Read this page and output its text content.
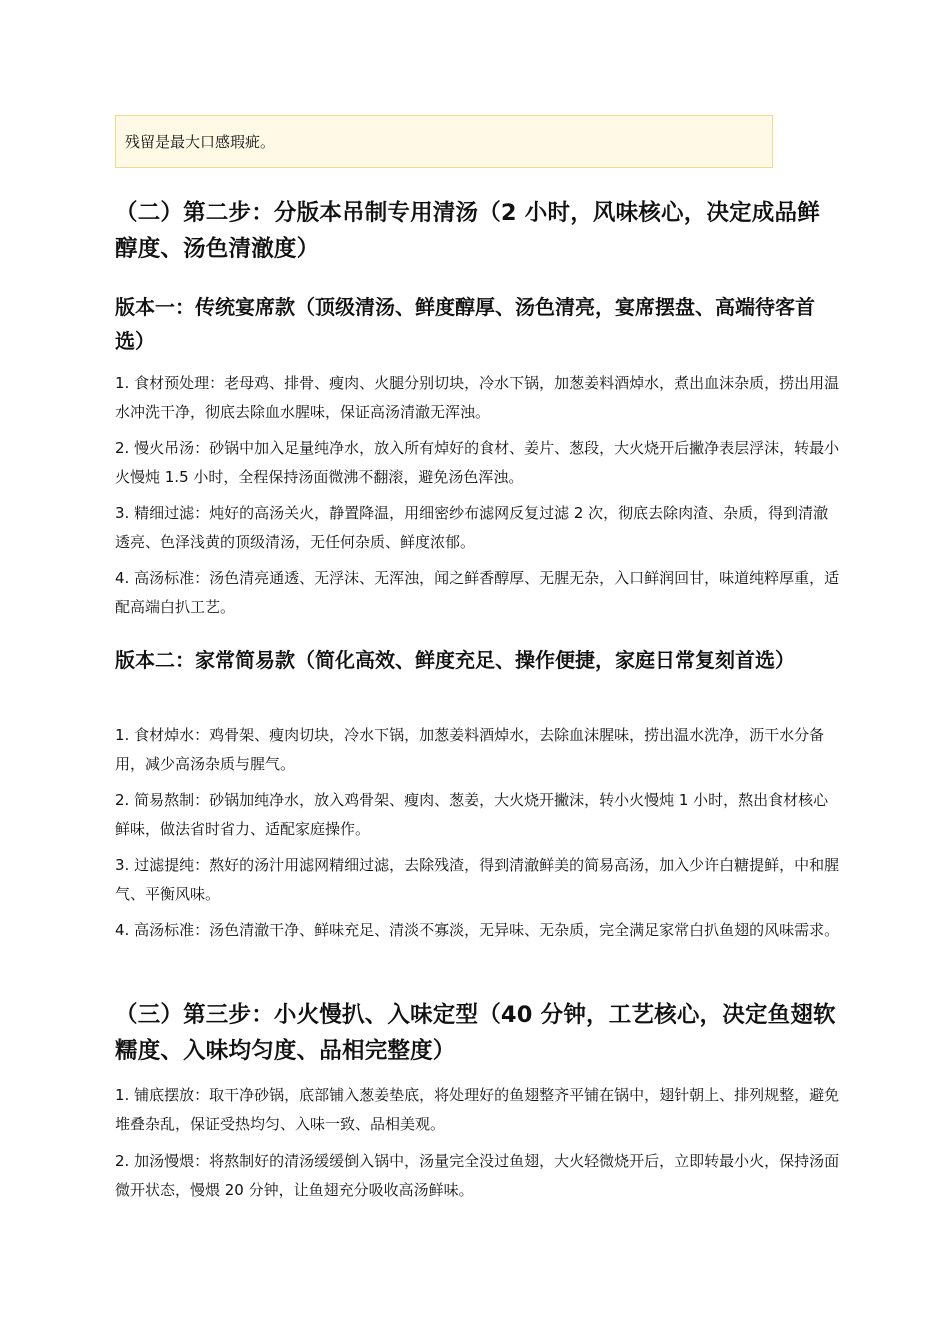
残留是最大口感瑕疵。
（二）第二步：分版本吊制专用清汤（2 小时，风味核心，决定成品鲜醇度、汤色清澈度）
版本一：传统宴席款（顶级清汤、鲜度醇厚、汤色清亮，宴席摆盘、高端待客首选）

1. 食材预处理：老母鸡、排骨、瘦肉、火腿分别切块，冷水下锅，加葱姜料酒焯水，煮出血沫杂质，捞出用温水冲洗干净，彻底去除血水腥味，保证高汤清澈无浑浊。

2. 慢火吊汤：砂锅中加入足量纯净水，放入所有焯好的食材、姜片、葱段，大火烧开后撇净表层浮沫，转最小火慢炖 1.5 小时，全程保持汤面微沸不翻滚，避免汤色浑浊。

3. 精细过滤：炖好的高汤关火，静置降温，用细密纱布滤网反复过滤 2 次，彻底去除肉渣、杂质，得到清澈透亮、色泽浅黄的顶级清汤，无任何杂质、鲜度浓郁。

4. 高汤标准：汤色清亮通透、无浮沫、无浑浊，闻之鲜香醇厚、无腥无杂，入口鲜润回甘，味道纯粹厚重，适配高端白扒工艺。

版本二：家常简易款（简化高效、鲜度充足、操作便捷，家庭日常复刻首选）

1. 食材焯水：鸡骨架、瘦肉切块，冷水下锅，加葱姜料酒焯水，去除血沫腥味，捞出温水洗净，沥干水分备用，减少高汤杂质与腥气。

2. 简易熬制：砂锅加纯净水，放入鸡骨架、瘦肉、葱姜，大火烧开撇沫，转小火慢炖 1 小时，熬出食材核心鲜味，做法省时省力、适配家庭操作。

3. 过滤提纯：熬好的汤汁用滤网精细过滤，去除残渣，得到清澈鲜美的简易高汤，加入少许白糖提鲜，中和腥气、平衡风味。

4. 高汤标准：汤色清澈干净、鲜味充足、清淡不寡淡，无异味、无杂质，完全满足家常白扒鱼翅的风味需求。

（三）第三步：小火慢扒、入味定型（40 分钟，工艺核心，决定鱼翅软糯度、入味均匀度、品相完整度）

1. 铺底摆放：取干净砂锅，底部铺入葱姜垫底，将处理好的鱼翅整齐平铺在锅中，翅针朝上、排列规整，避免堆叠杂乱，保证受热均匀、入味一致、品相美观。

2. 加汤慢煨：将熬制好的清汤缓缓倒入锅中，汤量完全没过鱼翅，大火轻微烧开后，立即转最小火，保持汤面微开状态，慢煨 20 分钟，让鱼翅充分吸收高汤鲜味。
